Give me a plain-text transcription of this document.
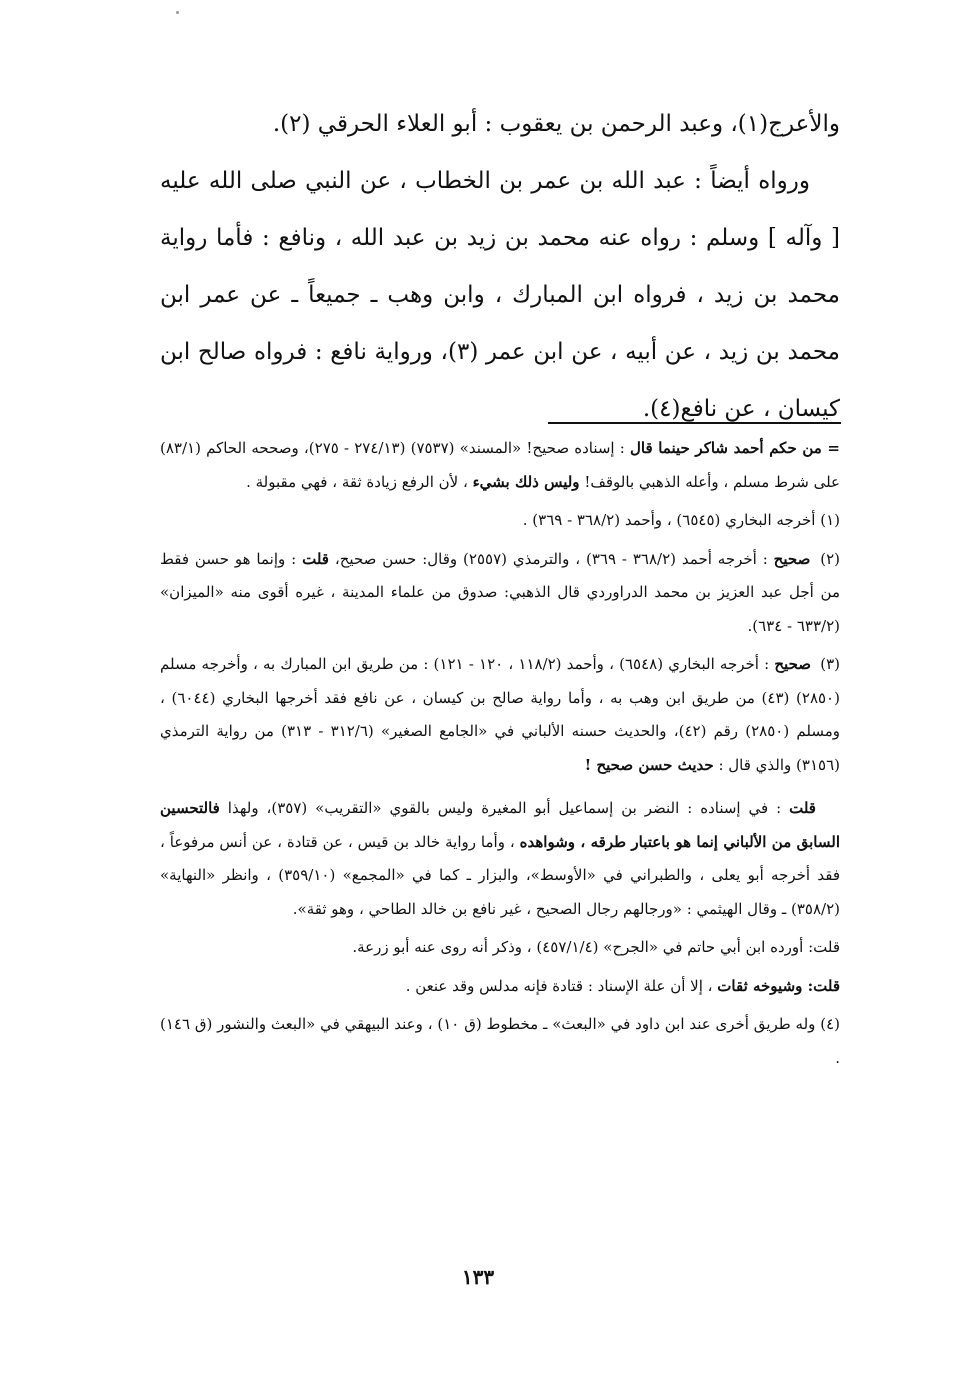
والأعرج(١)، وعبد الرحمن بن يعقوب : أبو العلاء الحرقي (٢).

ورواه أيضاً : عبد الله بن عمر بن الخطاب ، عن النبي صلى الله عليه [ وآله ] وسلم : رواه عنه محمد بن زيد بن عبد الله ، ونافع : فأما رواية محمد بن زيد ، فرواه ابن المبارك ، وابن وهب ـ جميعاً ـ عن عمر ابن محمد بن زيد ، عن أبيه ، عن ابن عمر (٣)، ورواية نافع : فرواه صالح ابن كيسان ، عن نافع(٤).

= من حكم أحمد شاكر حينما قال : إسناده صحيح! «المسند» (٧٥٣٧) (٢٧٤/١٣ - ٢٧٥)، وصححه الحاكم (٨٣/١) على شرط مسلم ، وأعله الذهبي بالوقف! وليس ذلك بشيء ، لأن الرفع زيادة ثقة ، فهي مقبولة .

(١) أخرجه البخاري (٦٥٤٥) ، وأحمد (٣٦٨/٢ - ٣٦٩) .

(٢) صحيح : أخرجه أحمد (٣٦٨/٢ - ٣٦٩) ، والترمذي (٢٥٥٧) وقال: حسن صحيح، قلت : وإنما هو حسن فقط من أجل عبد العزيز بن محمد الدراوردي قال الذهبي: صدوق من علماء المدينة ، غيره أقوى منه «الميزان» (٦٣٣/٢ - ٦٣٤).

(٣) صحيح : أخرجه البخاري (٦٥٤٨) ، وأحمد (١١٨/٢ ، ١٢٠ - ١٢١) : من طريق ابن المبارك به ، وأخرجه مسلم (٢٨٥٠) (٤٣) من طريق ابن وهب به ، وأما رواية صالح بن كيسان ، عن نافع فقد أخرجها البخاري (٦٠٤٤) ، ومسلم (٢٨٥٠) رقم (٤٢)، والحديث حسنه الألباني في «الجامع الصغير» (٣١٢/٦ - ٣١٣) من رواية الترمذي (٣١٥٦) والذي قال : حديث حسن صحيح !

قلت : في إسناده : النضر بن إسماعيل أبو المغيرة وليس بالقوي «التقريب» (٣٥٧)، ولهذا فالتحسين السابق من الألباني إنما هو باعتبار طرقه ، وشواهده ، وأما رواية خالد بن قيس ، عن قتادة ، عن أنس مرفوعاً ، فقد أخرجه أبو يعلى ، والطبراني في «الأوسط»، والبزار ـ كما في «المجمع» (٣٥٩/١٠) ، وانظر «النهاية» (٣٥٨/٢) ـ وقال الهيثمي : «ورجالهم رجال الصحيح ، غير نافع بن خالد الطاحي ، وهو ثقة».

قلت: أورده ابن أبي حاتم في «الجرح» (٤٥٧/١/٤) ، وذكر أنه روى عنه أبو زرعة.

قلت: وشيوخه ثقات ، إلا أن علة الإسناد : قتادة فإنه مدلس وقد عنعن .

(٤) وله طريق أخرى عند ابن داود في «البعث» ـ مخطوط (ق ١٠) ، وعند البيهقي في «البعث والنشور (ق ١٤٦) .

١٣٣
